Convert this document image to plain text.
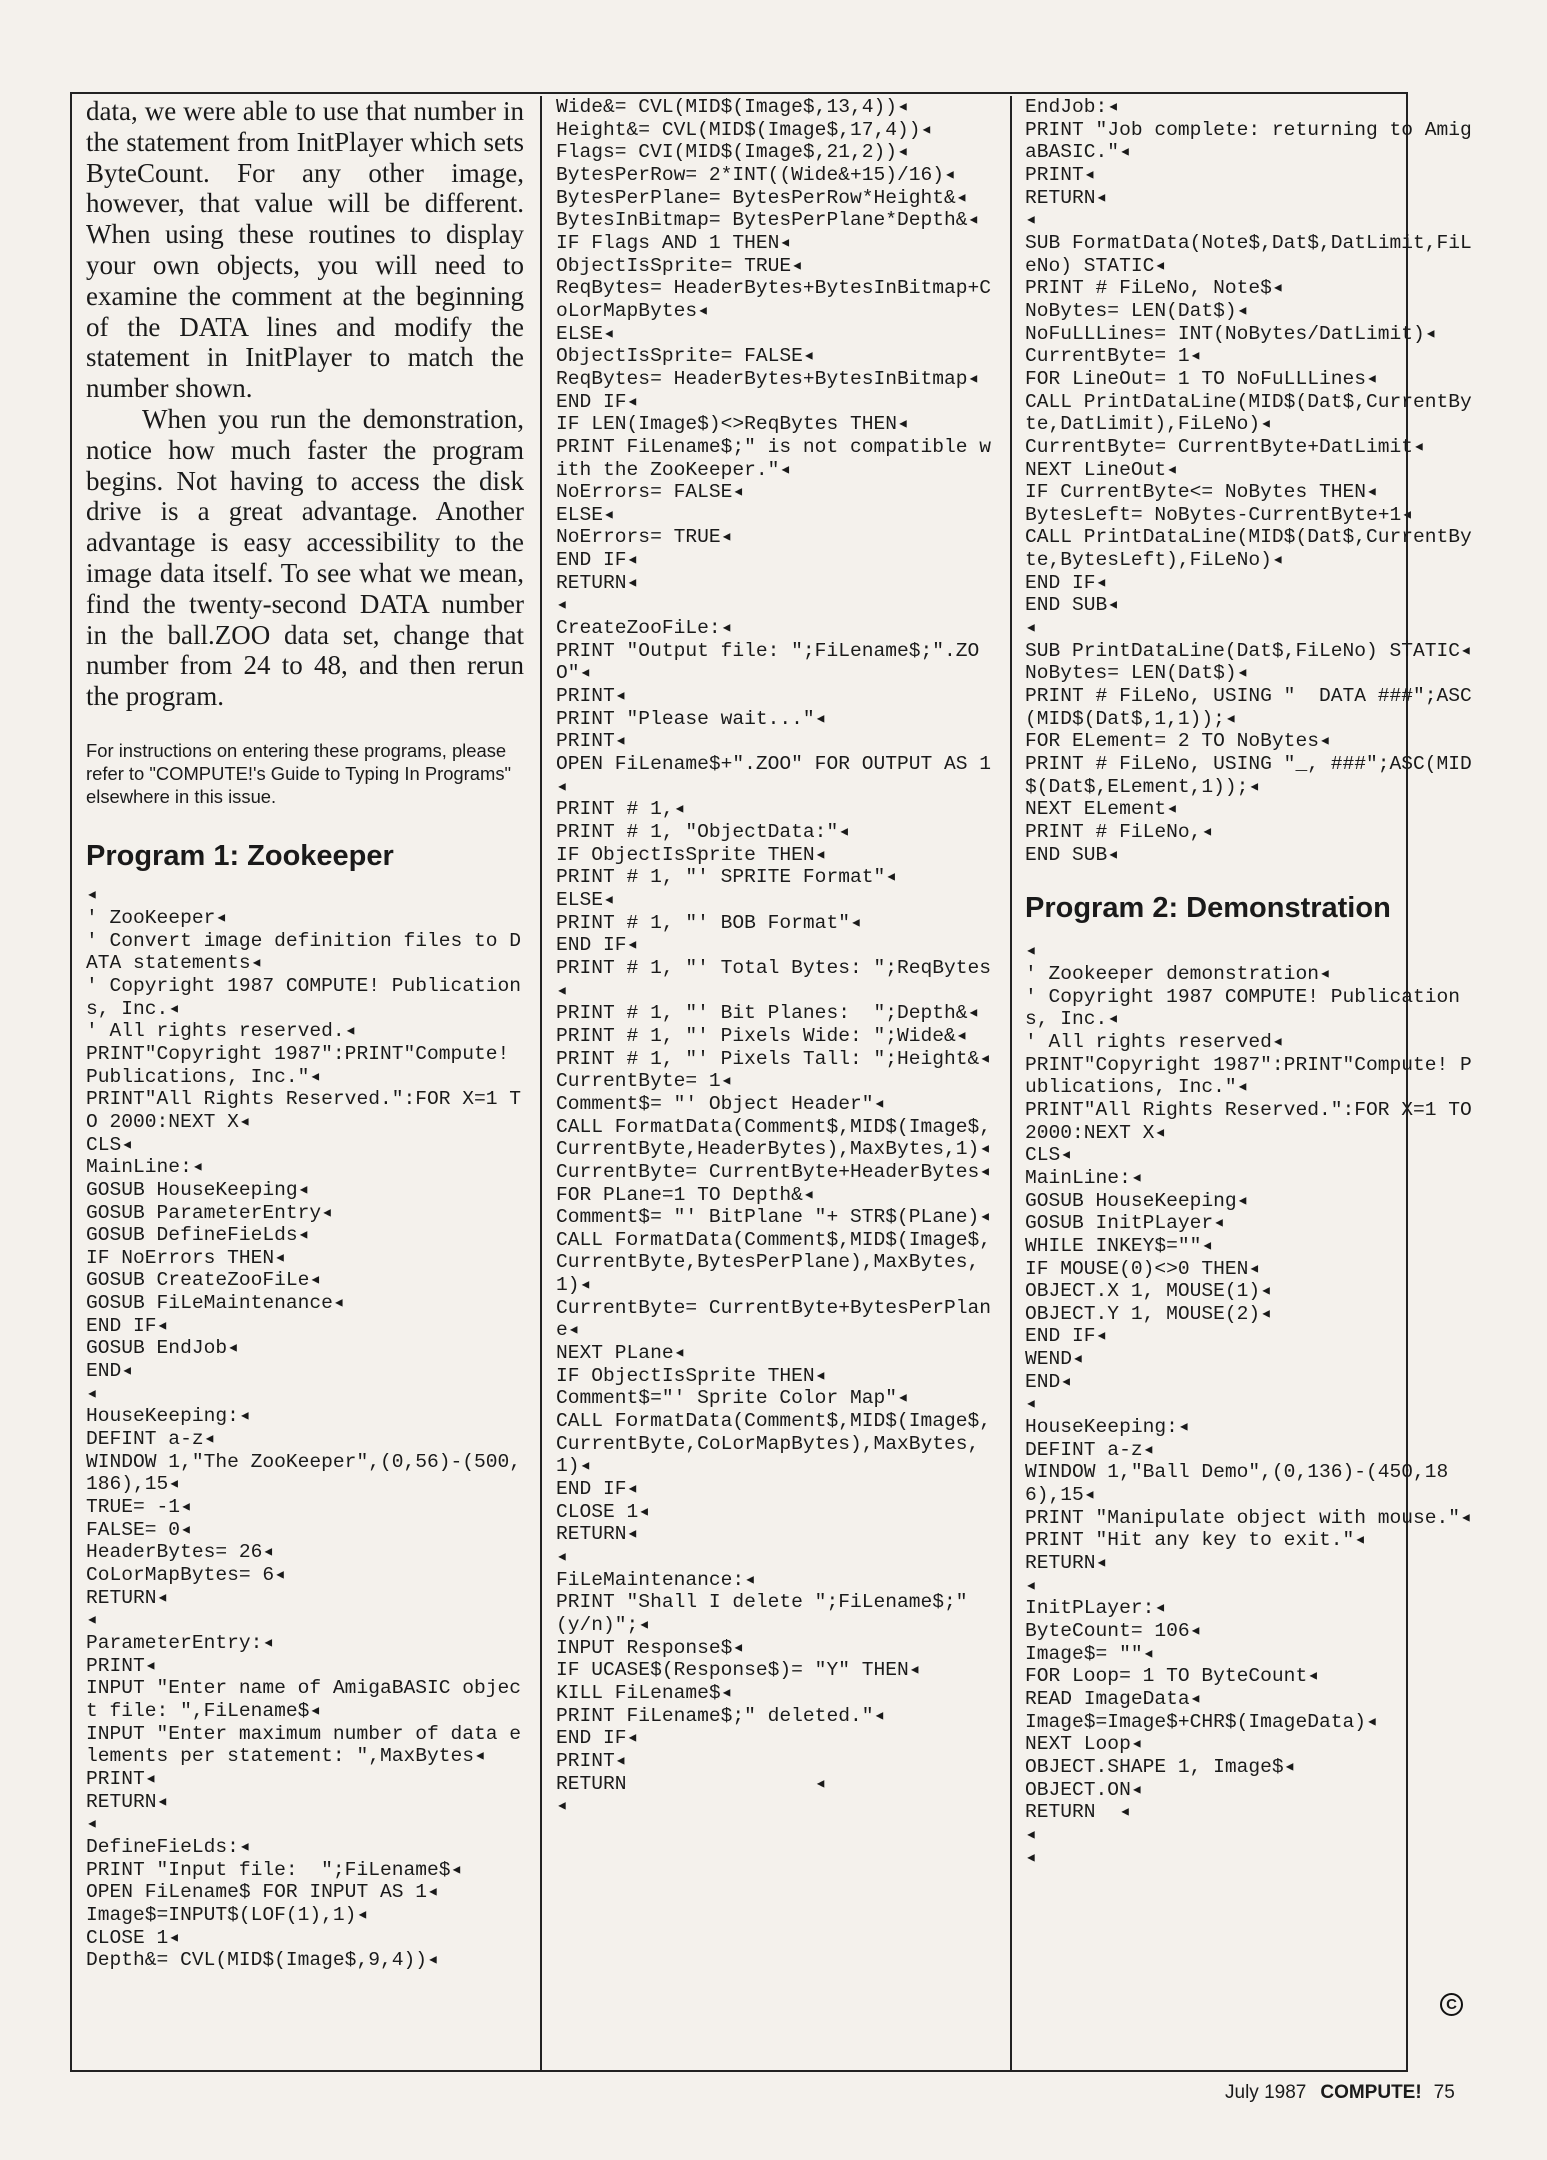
data, we were able to use that number in the statement from InitPlayer which sets ByteCount. For any other image, however, that value will be different. When using these routines to display your own objects, you will need to examine the comment at the beginning of the DATA lines and modify the statement in InitPlayer to match the number shown.

When you run the demonstration, notice how much faster the program begins. Not having to access the disk drive is a great advantage. Another advantage is easy accessibility to the image data itself. To see what we mean, find the twenty-second DATA number in the ball.ZOO data set, change that number from 24 to 48, and then rerun the program.

For instructions on entering these programs, please refer to "COMPUTE!'s Guide to Typing In Programs" elsewhere in this issue.

Program 1: Zookeeper
◂
' ZooKeeper◂
' Convert image definition files to DATA statements◂
' Copyright 1987 COMPUTE! Publications, Inc.◂
' All rights reserved.◂
PRINT"Copyright 1987":PRINT"Compute! Publications, Inc."◂
PRINT"All Rights Reserved.":FOR X=1 TO 2000:NEXT X◂
CLS◂
MainLine:◂
GOSUB HouseKeeping◂
GOSUB ParameterEntry◂
GOSUB DefineFieLds◂
IF NoErrors THEN◂
GOSUB CreateZooFiLe◂
GOSUB FiLeMaintenance◂
END IF◂
GOSUB EndJob◂
END◂
◂
HouseKeeping:◂
DEFINT a-z◂
WINDOW 1,"The ZooKeeper",(0,56)-(500,186),15◂
TRUE= -1◂
FALSE= 0◂
HeaderBytes= 26◂
CoLorMapBytes= 6◂
RETURN◂
◂
ParameterEntry:◂
PRINT◂
INPUT "Enter name of AmigaBASIC object file: ",FiLename$◂
INPUT "Enter maximum number of data elements per statement: ",MaxBytes◂
PRINT◂
RETURN◂
◂
DefineFieLds:◂
PRINT "Input file:  ";FiLename$◂
OPEN FiLename$ FOR INPUT AS 1◂
Image$=INPUT$(LOF(1),1)◂
CLOSE 1◂
Depth&= CVL(MID$(Image$,9,4))◂
Wide&= CVL(MID$(Image$,13,4))◂
Height&= CVL(MID$(Image$,17,4))◂
Flags= CVI(MID$(Image$,21,2))◂
BytesPerRow= 2*INT((Wide&+15)/16)◂
BytesPerPlane= BytesPerRow*Height&◂
BytesInBitmap= BytesPerPlane*Depth&◂
IF Flags AND 1 THEN◂
ObjectIsSprite= TRUE◂
ReqBytes= HeaderBytes+BytesInBitmap+CoLorMapBytes◂
ELSE◂
ObjectIsSprite= FALSE◂
ReqBytes= HeaderBytes+BytesInBitmap◂
END IF◂
IF LEN(Image$)<>ReqBytes THEN◂
PRINT FiLename$;" is not compatible with the ZooKeeper."◂
NoErrors= FALSE◂
ELSE◂
NoErrors= TRUE◂
END IF◂
RETURN◂
◂
CreateZooFiLe:◂
PRINT "Output file: ";FiLename$;".ZOO"◂
PRINT◂
PRINT "Please wait..."◂
PRINT◂
OPEN FiLename$+".ZOO" FOR OUTPUT AS 1◂
PRINT # 1,◂
PRINT # 1, "ObjectData:"◂
IF ObjectIsSprite THEN◂
PRINT # 1, "' SPRITE Format"◂
ELSE◂
PRINT # 1, "' BOB Format"◂
END IF◂
PRINT # 1, "' Total Bytes: ";ReqBytes◂
PRINT # 1, "' Bit Planes:  ";Depth&◂
PRINT # 1, "' Pixels Wide: ";Wide&◂
PRINT # 1, "' Pixels Tall: ";Height&◂
CurrentByte= 1◂
Comment$= "' Object Header"◂
CALL FormatData(Comment$,MID$(Image$,CurrentByte,HeaderBytes),MaxBytes,1)◂
CurrentByte= CurrentByte+HeaderBytes◂
FOR PLane=1 TO Depth&◂
Comment$= "' BitPlane "+ STR$(PLane)◂
CALL FormatData(Comment$,MID$(Image$,CurrentByte,BytesPerPlane),MaxBytes,1)◂
CurrentByte= CurrentByte+BytesPerPlane◂
NEXT PLane◂
IF ObjectIsSprite THEN◂
Comment$="' Sprite Color Map"◂
CALL FormatData(Comment$,MID$(Image$,CurrentByte,CoLorMapBytes),MaxBytes,1)◂
END IF◂
CLOSE 1◂
RETURN◂
◂
FiLeMaintenance:◂
PRINT "Shall I delete ";FiLename$;" (y/n)";◂
INPUT Response$◂
IF UCASE$(Response$)= "Y" THEN◂
KILL FiLename$◂
PRINT FiLename$;" deleted."◂
END IF◂
PRINT◂
RETURN                ◂
◂
EndJob:◂
PRINT "Job complete: returning to AmigaBASIC."◂
PRINT◂
RETURN◂
◂
SUB FormatData(Note$,Dat$,DatLimit,FiLeNo) STATIC◂
PRINT # FiLeNo, Note$◂
NoBytes= LEN(Dat$)◂
NoFuLLLines= INT(NoBytes/DatLimit)◂
CurrentByte= 1◂
FOR LineOut= 1 TO NoFuLLLines◂
CALL PrintDataLine(MID$(Dat$,CurrentByte,DatLimit),FiLeNo)◂
CurrentByte= CurrentByte+DatLimit◂
NEXT LineOut◂
IF CurrentByte<= NoBytes THEN◂
BytesLeft= NoBytes-CurrentByte+1◂
CALL PrintDataLine(MID$(Dat$,CurrentByte,BytesLeft),FiLeNo)◂
END IF◂
END SUB◂
◂
SUB PrintDataLine(Dat$,FiLeNo) STATIC◂
NoBytes= LEN(Dat$)◂
PRINT # FiLeNo, USING "  DATA ###";ASC(MID$(Dat$,1,1));◂
FOR ELement= 2 TO NoBytes◂
PRINT # FiLeNo, USING "_, ###";ASC(MID$(Dat$,ELement,1));◂
NEXT ELement◂
PRINT # FiLeNo,◂
END SUB◂
Program 2: Demonstration
◂
' Zookeeper demonstration◂
' Copyright 1987 COMPUTE! Publications, Inc.◂
' All rights reserved◂
PRINT"Copyright 1987":PRINT"Compute! Publications, Inc."◂
PRINT"All Rights Reserved.":FOR X=1 TO 2000:NEXT X◂
CLS◂
MainLine:◂
GOSUB HouseKeeping◂
GOSUB InitPLayer◂
WHILE INKEY$=""◂
IF MOUSE(0)<>0 THEN◂
OBJECT.X 1, MOUSE(1)◂
OBJECT.Y 1, MOUSE(2)◂
END IF◂
WEND◂
END◂
◂
HouseKeeping:◂
DEFINT a-z◂
WINDOW 1,"Ball Demo",(0,136)-(450,186),15◂
PRINT "Manipulate object with mouse."◂
PRINT "Hit any key to exit."◂
RETURN◂
◂
InitPLayer:◂
ByteCount= 106◂
Image$= ""◂
FOR Loop= 1 TO ByteCount◂
READ ImageData◂
Image$=Image$+CHR$(ImageData)◂
NEXT Loop◂
OBJECT.SHAPE 1, Image$◂
OBJECT.ON◂
RETURN  ◂
◂
◂
C
July 1987 COMPUTE! 75
